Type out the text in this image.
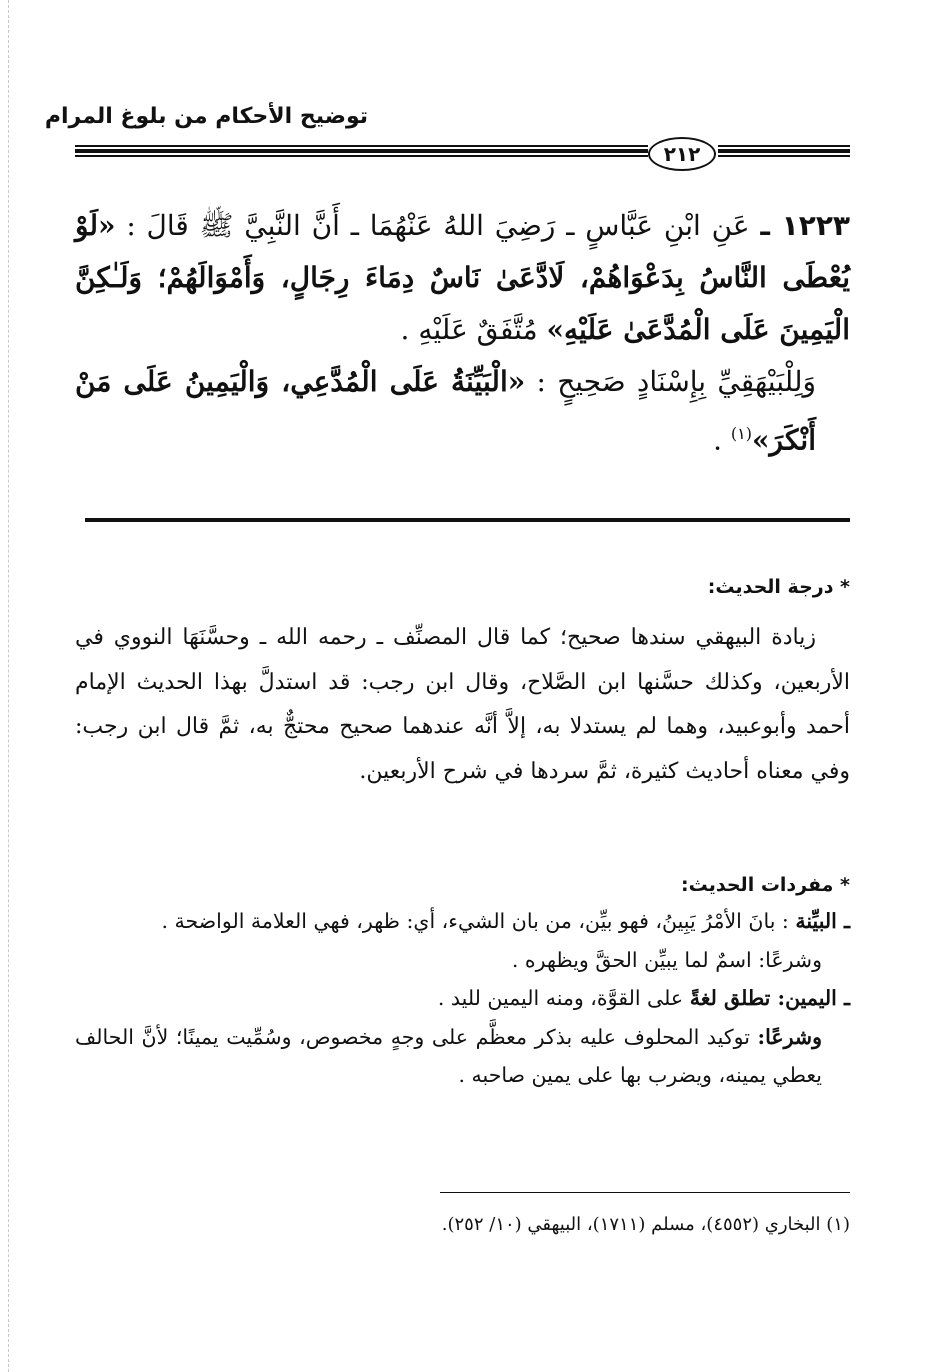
توضيح الأحكام من بلوغ المرام
٢١٢

١٢٢٣ ـ عَنِ ابْنِ عَبَّاسٍ ـ رَضِيَ اللهُ عَنْهُمَا ـ أَنَّ النَّبِيَّ ﷺ قَالَ : «لَوْ يُعْطَى النَّاسُ بِدَعْوَاهُمْ، لَادَّعَىٰ نَاسٌ دِمَاءَ رِجَالٍ، وَأَمْوَالَهُمْ؛ وَلَـٰكِنَّ الْيَمِينَ عَلَى الْمُدَّعَىٰ عَلَيْهِ» مُتَّفَقٌ عَلَيْهِ .

وَلِلْبَيْهَقِيِّ بِإِسْنَادٍ صَحِيحٍ : «الْبَيِّنَةُ عَلَى الْمُدَّعِي، وَالْيَمِينُ عَلَى مَنْ أَنْكَرَ»$^{(١)}$ .

* درجة الحديث:

زيادة البيهقي سندها صحيح؛ كما قال المصنِّف ـ رحمه الله ـ وحسَّنَهَا النووي في الأربعين، وكذلك حسَّنها ابن الصَّلاح، وقال ابن رجب: قد استدلَّ بهذا الحديث الإمام أحمد وأبوعبيد، وهما لم يستدلا به، إلاَّ أنَّه عندهما صحيح محتجٌّ به، ثمَّ قال ابن رجب: وفي معناه أحاديث كثيرة، ثمَّ سردها في شرح الأربعين.

* مفردات الحديث:

ـ البيِّنة : بانَ الأمْرُ يَبِينُ، فهو بيِّن، من بان الشيء، أي: ظهر، فهي العلامة الواضحة .

وشرعًا: اسمٌ لما يبيِّن الحقَّ ويظهره .

ـ اليمين: تطلق لغةً على القوَّة، ومنه اليمين لليد .

وشرعًا: توكيد المحلوف عليه بذكر معظَّم على وجهٍ مخصوص، وسُمِّيت يمينًا؛ لأنَّ الحالف يعطي يمينه، ويضرب بها على يمين صاحبه .

(١) البخاري (٤٥٥٢)، مسلم (١٧١١)، البيهقي (١٠/ ٢٥٢).
